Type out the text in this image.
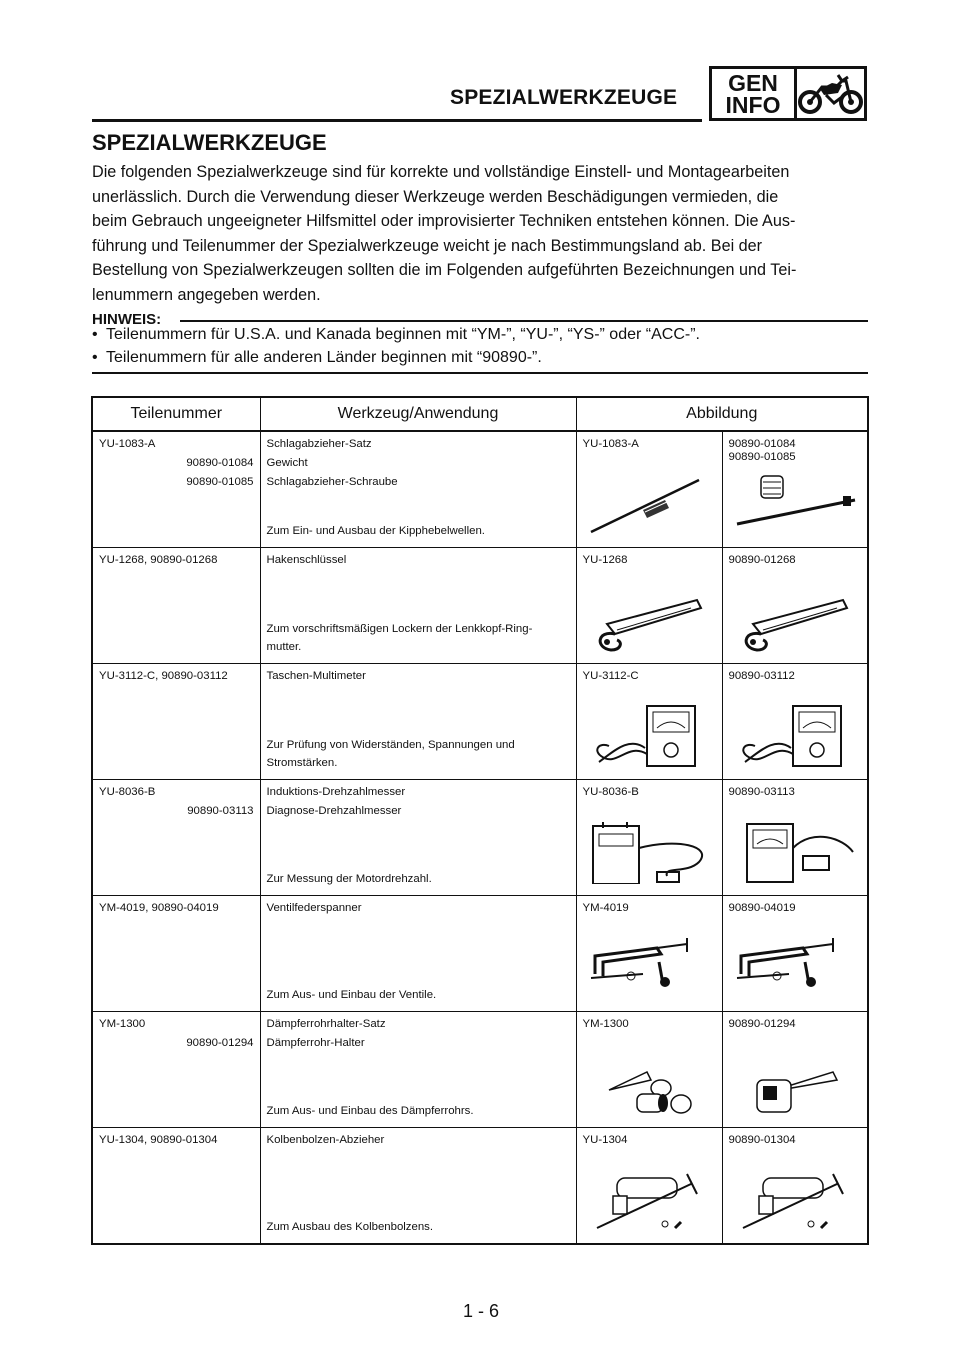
SPEZIALWERKZEUGE
GEN
INFO
SPEZIALWERKZEUGE
Die folgenden Spezialwerkzeuge sind für korrekte und vollständige Einstell- und Montagearbeiten
unerlässlich. Durch die Verwendung dieser Werkzeuge werden Beschädigungen vermieden, die
beim Gebrauch ungeeigneter Hilfsmittel oder improvisierter Techniken entstehen können. Die Aus-
führung und Teilenummer der Spezialwerkzeuge weicht je nach Bestimmungsland ab. Bei der
Bestellung von Spezialwerkzeugen sollten die im Folgenden aufgeführten Bezeichnungen und Tei-
lenummern angegeben werden.
HINWEIS:
• Teilenummern für U.S.A. und Kanada beginnen mit “YM-”, “YU-”, “YS-” oder “ACC-”.
• Teilenummern für alle anderen Länder beginnen mit “90890-”.
Teilenummer	Werkzeug/Anwendung	Abbildung	

YU-1083-A
90890-01084
90890-01085	Schlagabzieher-Satz
Gewicht
Schlagabzieher-Schraube
Zum Ein- und Ausbau der Kipphebelwellen.	YU-1083-A	90890-01084
90890-01085

YU-1268, 90890-01268	Hakenschlüssel
Zum vorschriftsmäßigen Lockern der Lenkkopf-Ring-
mutter.	YU-1268	90890-01268

YU-3112-C, 90890-03112	Taschen-Multimeter
Zur Prüfung von Widerständen, Spannungen und
Stromstärken.	YU-3112-C	90890-03112

YU-8036-B
90890-03113	Induktions-Drehzahlmesser
Diagnose-Drehzahlmesser
Zur Messung der Motordrehzahl.	YU-8036-B	90890-03113

YM-4019, 90890-04019	Ventilfederspanner
Zum Aus- und Einbau der Ventile.	YM-4019	90890-04019

YM-1300
90890-01294	Dämpferrohrhalter-Satz
Dämpferrohr-Halter
Zum Aus- und Einbau des Dämpferrohrs.	YM-1300	90890-01294

YU-1304, 90890-01304	Kolbenbolzen-Abzieher
Zum Ausbau des Kolbenbolzens.	YU-1304	90890-01304
1 - 6
